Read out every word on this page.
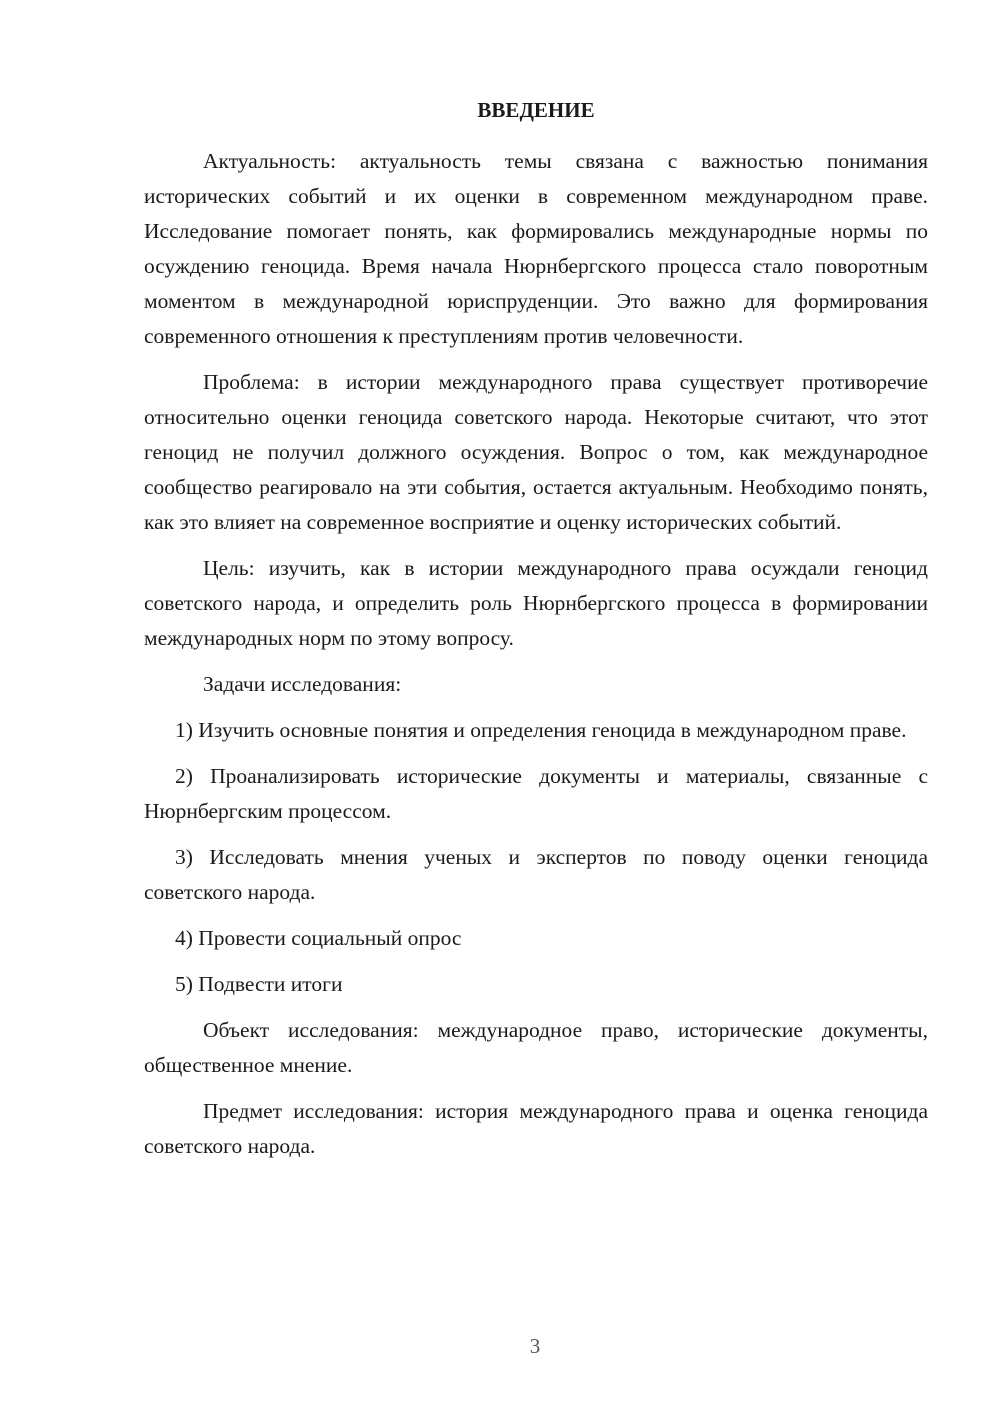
ВВЕДЕНИЕ

Актуальность: актуальность темы связана с важностью понимания исторических событий и их оценки в современном международном праве. Исследование помогает понять, как формировались международные нормы по осуждению геноцида. Время начала Нюрнбергского процесса стало поворотным моментом в международной юриспруденции. Это важно для формирования современного отношения к преступлениям против человечности.

Проблема: в истории международного права существует противоречие относительно оценки геноцида советского народа. Некоторые считают, что этот геноцид не получил должного осуждения. Вопрос о том, как международное сообщество реагировало на эти события, остается актуальным. Необходимо понять, как это влияет на современное восприятие и оценку исторических событий.

Цель: изучить, как в истории международного права осуждали геноцид советского народа, и определить роль Нюрнбергского процесса в формировании международных норм по этому вопросу.

Задачи исследования:

1) Изучить основные понятия и определения геноцида в международном праве.

2) Проанализировать исторические документы и материалы, связанные с Нюрнбергским процессом.

3) Исследовать мнения ученых и экспертов по поводу оценки геноцида советского народа.

4) Провести социальный опрос

5) Подвести итоги

Объект исследования: международное право, исторические документы, общественное мнение.

Предмет исследования: история международного права и оценка геноцида советского народа.

3
